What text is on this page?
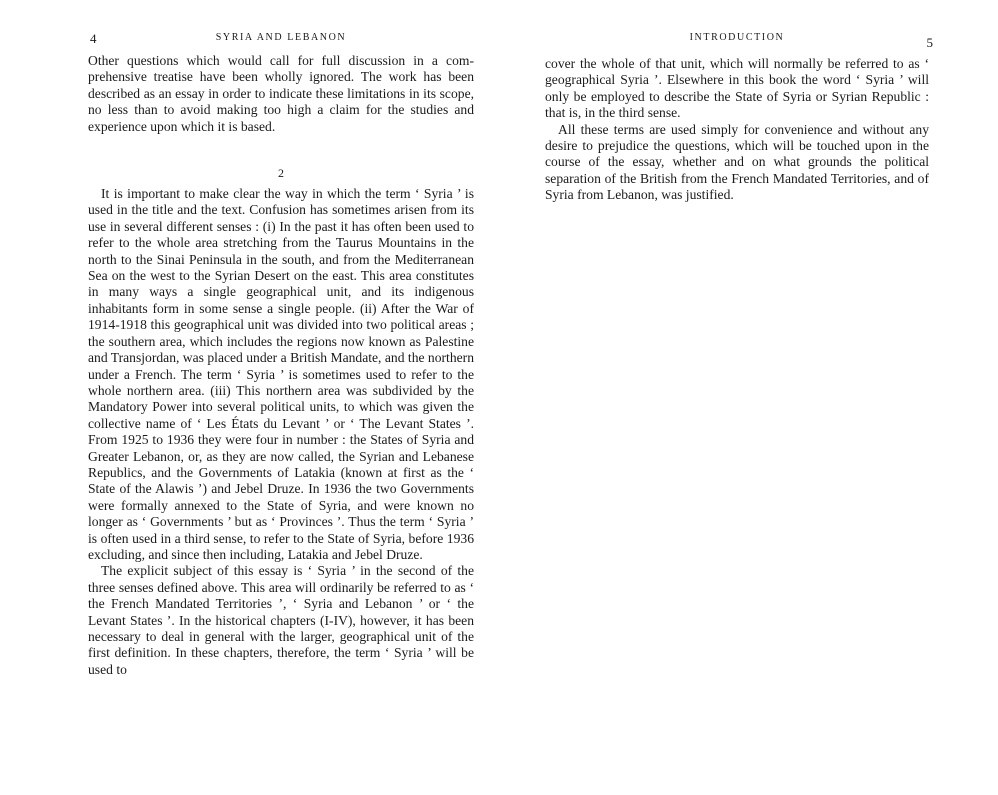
4	SYRIA AND LEBANON

Other questions which would call for full discussion in a comprehensive treatise have been wholly ignored. The work has been described as an essay in order to indicate these limitations in its scope, no less than to avoid making too high a claim for the studies and experience upon which it is based.

2

It is important to make clear the way in which the term ‘ Syria ’ is used in the title and the text. Confusion has sometimes arisen from its use in several different senses : (i) In the past it has often been used to refer to the whole area stretching from the Taurus Mountains in the north to the Sinai Peninsula in the south, and from the Mediterranean Sea on the west to the Syrian Desert on the east. This area constitutes in many ways a single geographical unit, and its indigenous inhabitants form in some sense a single people. (ii) After the War of 1914-1918 this geographical unit was divided into two political areas ; the southern area, which includes the regions now known as Palestine and Transjordan, was placed under a British Mandate, and the northern under a French. The term ‘ Syria ’ is sometimes used to refer to the whole northern area. (iii) This northern area was subdivided by the Mandatory Power into several political units, to which was given the collective name of ‘ Les États du Levant ’ or ‘ The Levant States ’. From 1925 to 1936 they were four in number : the States of Syria and Greater Lebanon, or, as they are now called, the Syrian and Lebanese Republics, and the Governments of Latakia (known at first as the ‘ State of the Alawis ’) and Jebel Druze. In 1936 the two Governments were formally annexed to the State of Syria, and were known no longer as ‘ Governments ’ but as ‘ Provinces ’. Thus the term ‘ Syria ’ is often used in a third sense, to refer to the State of Syria, before 1936 excluding, and since then including, Latakia and Jebel Druze.

The explicit subject of this essay is ‘ Syria ’ in the second of the three senses defined above. This area will ordinarily be referred to as ‘ the French Mandated Territories ’, ‘ Syria and Lebanon ’ or ‘ the Levant States ’. In the historical chapters (I-IV), however, it has been necessary to deal in general with the larger, geographical unit of the first definition. In these chapters, therefore, the term ‘ Syria ’ will be used to

INTRODUCTION	5

cover the whole of that unit, which will normally be referred to as ‘ geographical Syria ’. Elsewhere in this book the word ‘ Syria ’ will only be employed to describe the State of Syria or Syrian Republic : that is, in the third sense.

All these terms are used simply for convenience and without any desire to prejudice the questions, which will be touched upon in the course of the essay, whether and on what grounds the political separation of the British from the French Mandated Territories, and of Syria from Lebanon, was justified.
